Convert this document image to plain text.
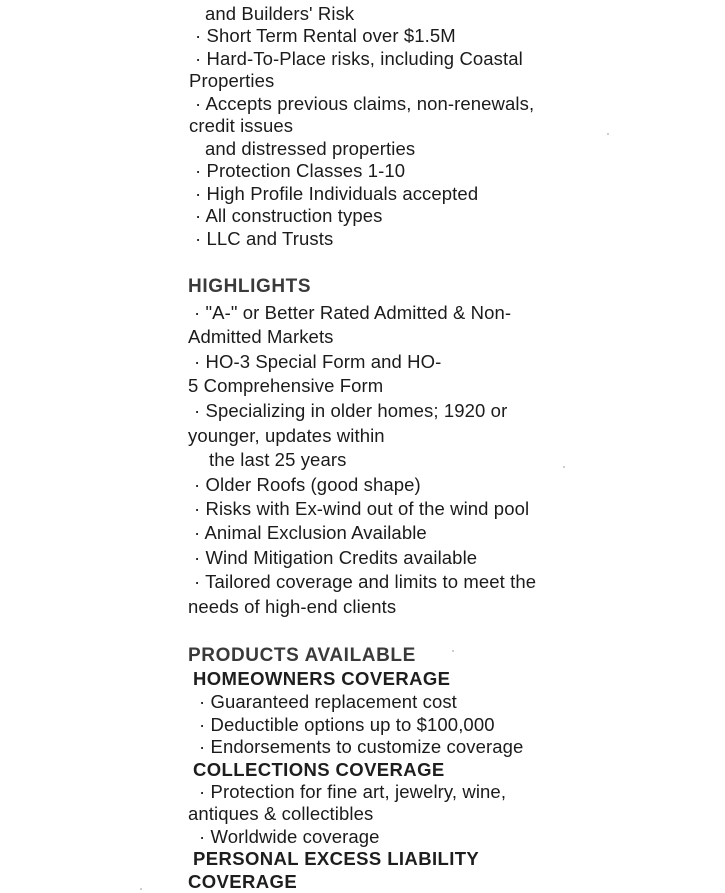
and Builders' Risk
· Short Term Rental over $1.5M
· Hard-To-Place risks, including Coastal
Properties
· Accepts previous claims, non-renewals,
credit issues
and distressed properties
· Protection Classes 1-10
· High Profile Individuals accepted
· All construction types
· LLC and Trusts
HIGHLIGHTS
· "A-" or Better Rated Admitted & Non-
Admitted Markets
· HO-3 Special Form and HO-
5 Comprehensive Form
· Specializing in older homes; 1920 or
younger, updates within
the last 25 years
· Older Roofs (good shape)
· Risks with Ex-wind out of the wind pool
· Animal Exclusion Available
· Wind Mitigation Credits available
· Tailored coverage and limits to meet the
needs of high-end clients
PRODUCTS AVAILABLE
HOMEOWNERS COVERAGE
· Guaranteed replacement cost
· Deductible options up to $100,000
· Endorsements to customize coverage
COLLECTIONS COVERAGE
· Protection for fine art, jewelry, wine,
antiques & collectibles
· Worldwide coverage
PERSONAL EXCESS LIABILITY
COVERAGE
